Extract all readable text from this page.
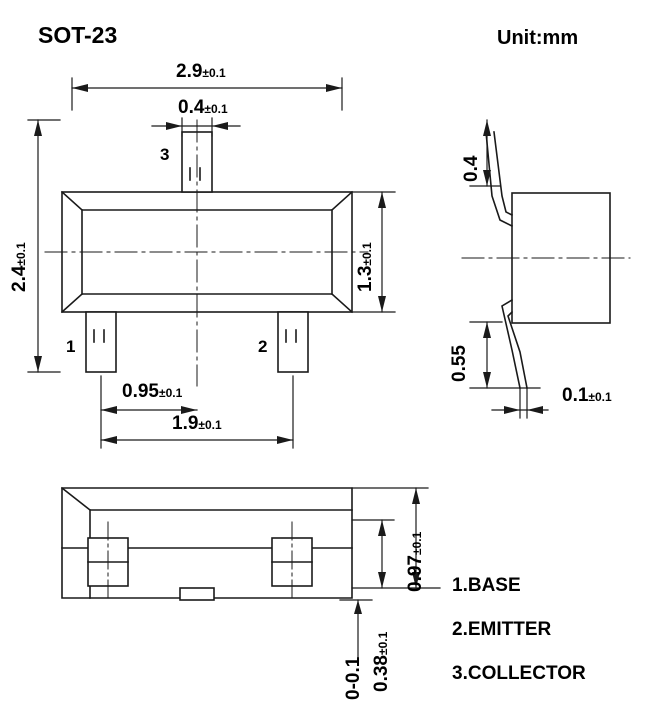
SOT-23	Unit:mm
2.9±0.1
0.4±0.1
2.4±0.1
1.3±0.1
0.95±0.1
1.9±0.1
1	2
3
0.4
0.55
0.1±0.1
0.97±0.1
0.38±0.1
0-0.1
1.BASE
2.EMITTER
3.COLLECTOR
